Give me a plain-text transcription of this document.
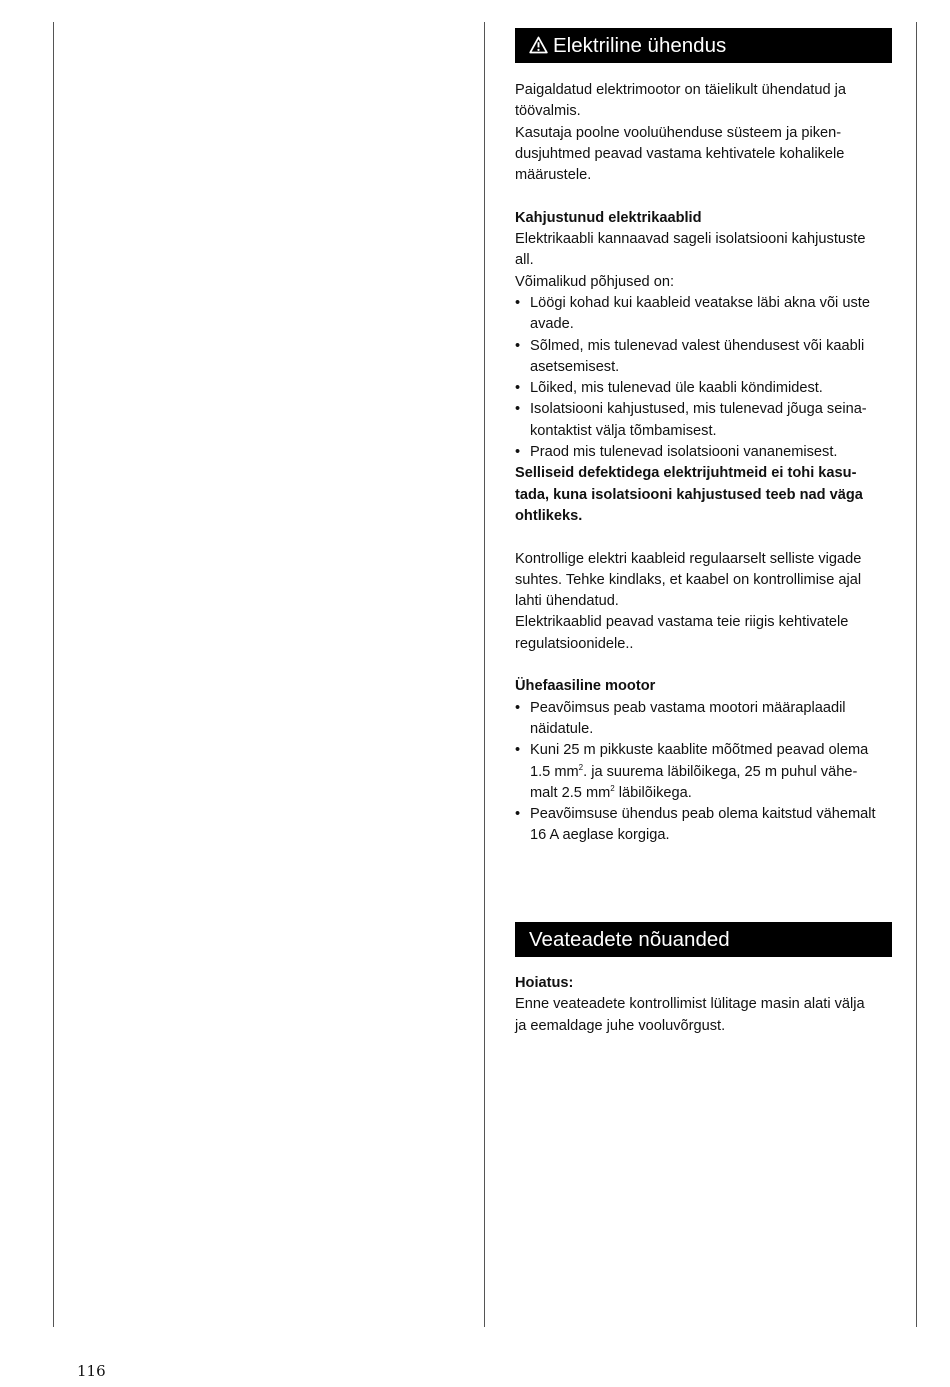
Elektriline ühendus

Paigaldatud elektrimootor on täielikult ühendatud ja

töövalmis.

Kasutaja poolne vooluühenduse süsteem ja piken-

dusjuhtmed peavad vastama kehtivatele kohalikele

määrustele.

Kahjustunud elektrikaablid

Elektrikaabli kannaavad sageli isolatsiooni kahjustuste

all.

Võimalikud põhjused on:

• Löögi kohad kui kaableid veatakse läbi akna või uste
avade.
• Sõlmed, mis tulenevad valest ühendusest või kaabli
asetsemisest.
• Lõiked, mis tulenevad üle kaabli köndimidest.
• Isolatsiooni kahjustused, mis tulenevad jõuga seina-
kontaktist välja tõmbamisest.
• Praod mis tulenevad isolatsiooni vananemisest.

Selliseid defektidega elektrijuhtmeid ei tohi kasu-

tada, kuna isolatsiooni kahjustused teeb nad väga

ohtlikeks.

Kontrollige elektri kaableid regulaarselt selliste vigade

suhtes. Tehke kindlaks, et kaabel on kontrollimise ajal

lahti ühendatud.

Elektrikaablid peavad vastama teie riigis kehtivatele

regulatsioonidele..

Ühefaasiline mootor

• Peavõimsus peab vastama mootori määraplaadil
näidatule.
• Kuni 25 m pikkuste kaablite mõõtmed peavad olema
1.5 $mm^2$. ja suurema läbilõikega, 25 m puhul vähe-
malt 2.5 $mm^2$ läbilõikega.
• Peavõimsuse ühendus peab olema kaitstud vähemalt
16 A aeglase korgiga.
Veateadete nõuanded

Hoiatus:

Enne veateadete kontrollimist lülitage masin alati välja

ja eemaldage juhe vooluvõrgust.

116
